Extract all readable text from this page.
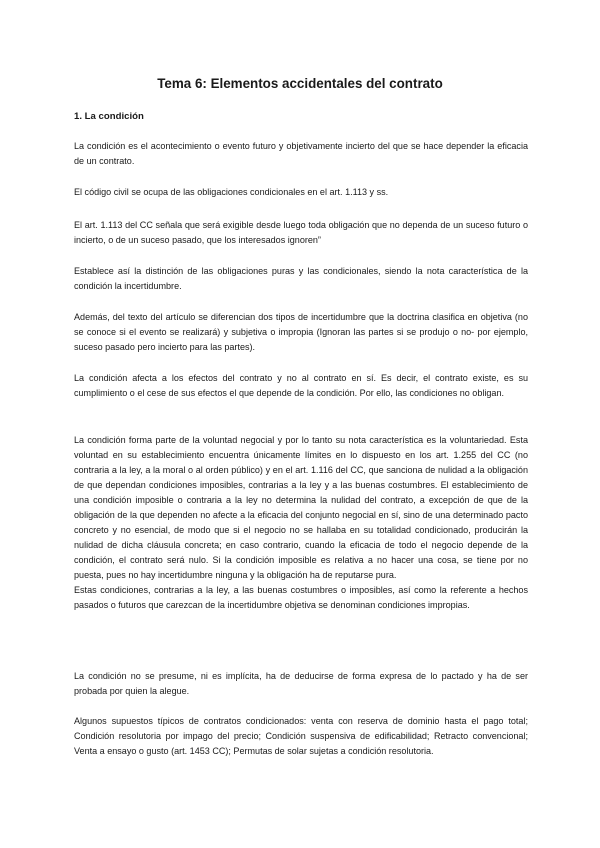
Tema 6: Elementos accidentales del contrato
1. La condición
La condición es el acontecimiento o evento futuro y objetivamente incierto del que se hace depender la eficacia de un contrato.
El código civil se ocupa de las obligaciones condicionales en el art. 1.113 y ss.
El art. 1.113 del CC señala que será exigible desde luego toda obligación que no dependa de un suceso futuro o incierto, o de un suceso pasado, que los interesados ignoren”
Establece así la distinción de las obligaciones puras y las condicionales, siendo la nota característica de la condición la incertidumbre.
Además, del texto del artículo se diferencian dos tipos de incertidumbre que la doctrina clasifica en objetiva (no se conoce si el evento se realizará) y subjetiva o impropia (Ignoran las partes si se produjo o no- por ejemplo, suceso pasado pero incierto para las partes).
La condición afecta a los efectos del contrato y no al contrato en sí. Es decir, el contrato existe, es su cumplimiento o el cese de sus efectos el que depende de la condición. Por ello, las condiciones no obligan.
La condición forma parte de la voluntad negocial y por lo tanto su nota característica es la voluntariedad. Esta voluntad en su establecimiento encuentra únicamente límites en lo dispuesto en los art. 1.255 del CC (no contraria a la ley, a la moral o al orden público) y en el art. 1.116 del CC, que sanciona de nulidad a la obligación de que dependan condiciones imposibles, contrarias a la ley y a las buenas costumbres. El establecimiento de una condición imposible o contraria a la ley no determina la nulidad del contrato, a excepción de que de la obligación de la que dependen no afecte a la eficacia del conjunto negocial en sí, sino de una determinado pacto concreto y no esencial, de modo que si el negocio no se hallaba en su totalidad condicionado, producirán la nulidad de dicha cláusula concreta; en caso contrario, cuando la eficacia de todo el negocio depende de la condición, el contrato será nulo. Si la condición imposible es relativa a no hacer una cosa, se tiene por no puesta, pues no hay incertidumbre ninguna y la obligación ha de reputarse pura.
Estas condiciones, contrarias a la ley, a las buenas costumbres o imposibles, así como la referente a hechos pasados o futuros que carezcan de la incertidumbre objetiva se denominan condiciones impropias.
La condición no se presume, ni es implícita, ha de deducirse de forma expresa de lo pactado y ha de ser probada por quien la alegue.
Algunos supuestos típicos de contratos condicionados: venta con reserva de dominio hasta el pago total; Condición resolutoria por impago del precio; Condición suspensiva de edificabilidad; Retracto convencional; Venta a ensayo o gusto (art. 1453 CC); Permutas de solar sujetas a condición resolutoria.
